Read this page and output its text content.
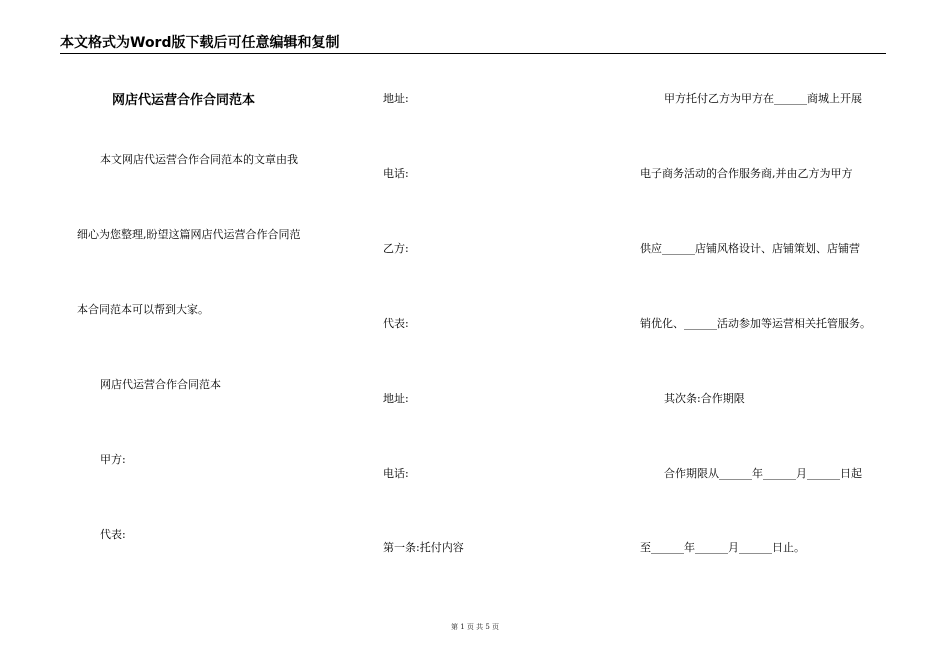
本文格式为Word版下载后可任意编辑和复制
网店代运营合作合同范本
本文网店代运营合作合同范本的文章由我
细心为您整理,盼望这篇网店代运营合作合同范
本合同范本可以帮到大家。
网店代运营合作合同范本
甲方:
代表:
地址:
电话:
乙方:
代表:
地址:
电话:
第一条:托付内容
甲方托付乙方为甲方在______商城上开展
电子商务活动的合作服务商,并由乙方为甲方
供应______店铺风格设计、店铺策划、店铺营
销优化、______活动参加等运营相关托管服务。
其次条:合作期限
合作期限从______年______月______日起
至______年______月______日止。
第 1 页 共 5 页
